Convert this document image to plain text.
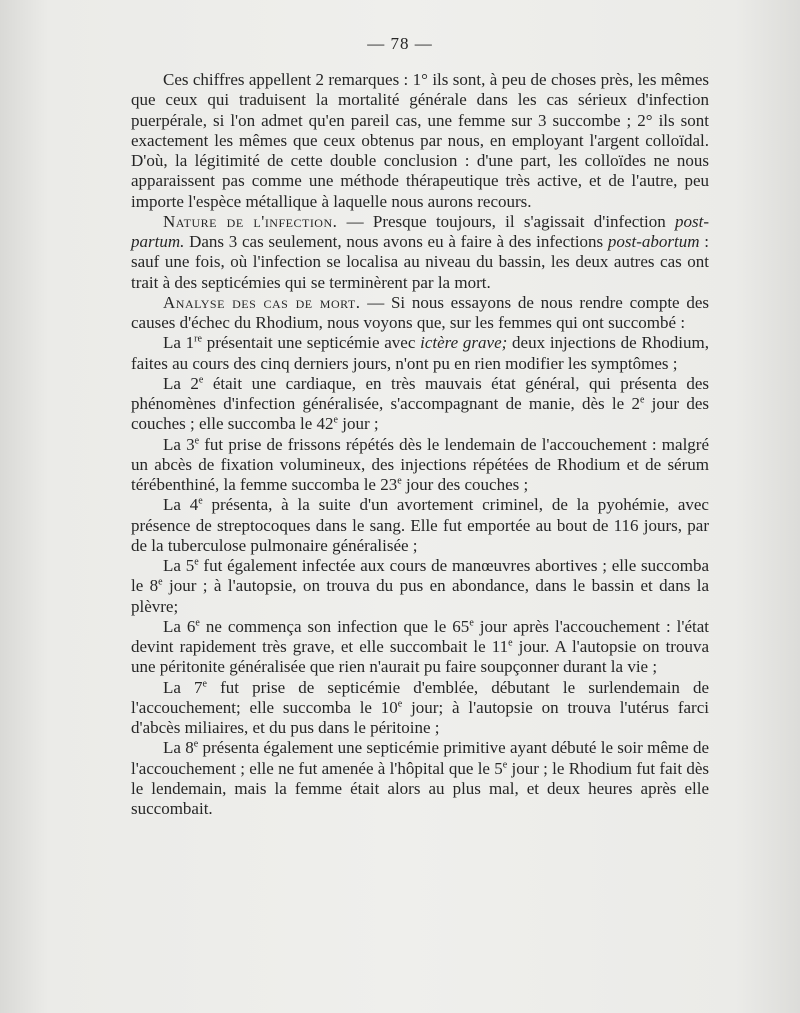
— 78 —

Ces chiffres appellent 2 remarques : 1° ils sont, à peu de choses près, les mêmes que ceux qui traduisent la mortalité générale dans les cas sérieux d'infection puerpérale, si l'on admet qu'en pareil cas, une femme sur 3 succombe ; 2° ils sont exactement les mêmes que ceux obtenus par nous, en employant l'argent colloïdal. D'où, la légitimité de cette double conclusion : d'une part, les colloïdes ne nous apparaissent pas comme une méthode thérapeutique très active, et de l'autre, peu importe l'espèce métallique à laquelle nous aurons recours.

Nature de l'infection. — Presque toujours, il s'agissait d'infection post-partum. Dans 3 cas seulement, nous avons eu à faire à des infections post-abortum : sauf une fois, où l'infection se localisa au niveau du bassin, les deux autres cas ont trait à des septicémies qui se terminèrent par la mort.

Analyse des cas de mort. — Si nous essayons de nous rendre compte des causes d'échec du Rhodium, nous voyons que, sur les femmes qui ont succombé :

La 1re présentait une septicémie avec ictère grave; deux injections de Rhodium, faites au cours des cinq derniers jours, n'ont pu en rien modifier les symptômes ;

La 2e était une cardiaque, en très mauvais état général, qui présenta des phénomènes d'infection généralisée, s'accompagnant de manie, dès le 2e jour des couches ; elle succomba le 42e jour ;

La 3e fut prise de frissons répétés dès le lendemain de l'accouchement : malgré un abcès de fixation volumineux, des injections répétées de Rhodium et de sérum térébenthiné, la femme succomba le 23e jour des couches ;

La 4e présenta, à la suite d'un avortement criminel, de la pyohémie, avec présence de streptocoques dans le sang. Elle fut emportée au bout de 116 jours, par de la tuberculose pulmonaire généralisée ;

La 5e fut également infectée aux cours de manœuvres abortives ; elle succomba le 8e jour ; à l'autopsie, on trouva du pus en abondance, dans le bassin et dans la plèvre;

La 6e ne commença son infection que le 65e jour après l'accouchement : l'état devint rapidement très grave, et elle succombait le 11e jour. A l'autopsie on trouva une péritonite généralisée que rien n'aurait pu faire soupçonner durant la vie ;

La 7e fut prise de septicémie d'emblée, débutant le surlendemain de l'accouchement; elle succomba le 10e jour; à l'autopsie on trouva l'utérus farci d'abcès miliaires, et du pus dans le péritoine ;

La 8e présenta également une septicémie primitive ayant débuté le soir même de l'accouchement ; elle ne fut amenée à l'hôpital que le 5e jour ; le Rhodium fut fait dès le lendemain, mais la femme était alors au plus mal, et deux heures après elle succombait.
